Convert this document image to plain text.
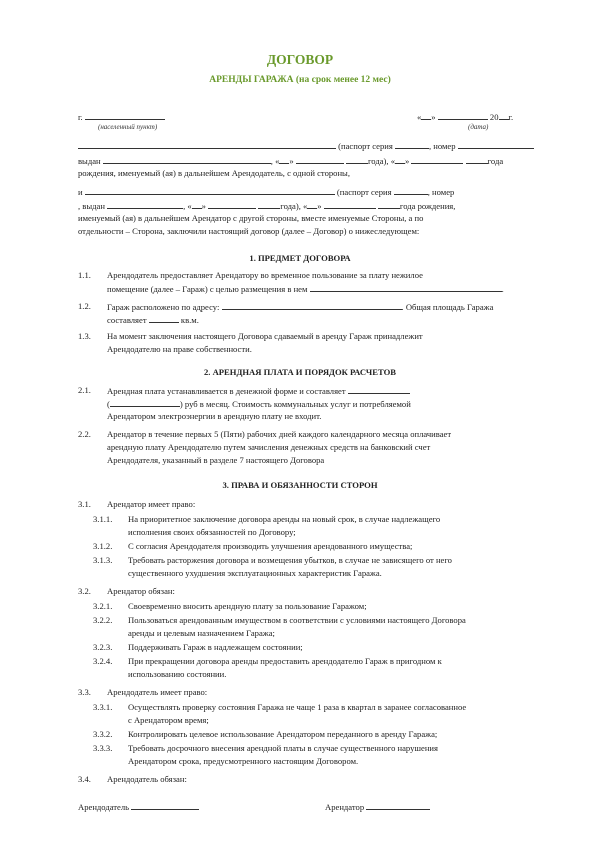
ДОГОВОР
АРЕНДЫ ГАРАЖА (на срок менее 12 мес)
г.
(населенный пункт)
« »	20 г.
(дата)
(паспорт серия	, номер
выдан	, « »	года), « »	года
рождения, именуемый (ая) в дальнейшем Арендодатель, с одной стороны,
и	(паспорт серия	, номер
, выдан	, « »	года), « »	года рождения,
именуемый (ая) в дальнейшем Арендатор с другой стороны, вместе именуемые Стороны, а по
отдельности – Сторона, заключили настоящий договор (далее – Договор) о нижеследующем:
1. ПРЕДМЕТ ДОГОВОРА
1.1. Арендодатель предоставляет Арендатору во временное пользование за плату нежилое
помещение (далее – Гараж) с целью размещения в нем	.
1.2. Гараж расположено по адресу:	. Общая площадь Гаража
составляет	кв.м.
1.3. На момент заключения настоящего Договора сдаваемый в аренду Гараж принадлежит
Арендодателю на праве собственности.
2. АРЕНДНАЯ ПЛАТА И ПОРЯДОК РАСЧЕТОВ
2.1. Арендная плата устанавливается в денежной форме и составляет
(	) руб в месяц. Стоимость коммунальных услуг и потребляемой
Арендатором электроэнергии в арендную плату не входит.
2.2. Арендатор в течение первых 5 (Пяти) рабочих дней каждого календарного месяца оплачивает
арендную плату Арендодателю путем зачисления денежных средств на банковский счет
Арендодателя, указанный в разделе 7 настоящего Договора
3. ПРАВА И ОБЯЗАННОСТИ СТОРОН
3.1. Арендатор имеет право:
3.1.1. На приоритетное заключение договора аренды на новый срок, в случае надлежащего
исполнения своих обязанностей по Договору;
3.1.2. С согласия Арендодателя производить улучшения арендованного имущества;
3.1.3. Требовать расторжения договора и возмещения убытков, в случае не зависящего от него
существенного ухудшения эксплуатационных характеристик Гаража.
3.2. Арендатор обязан:
3.2.1. Своевременно вносить арендную плату за пользование Гаражом;
3.2.2. Пользоваться арендованным имуществом в соответствии с условиями настоящего Договора
аренды и целевым назначением Гаража;
3.2.3. Поддерживать Гараж в надлежащем состоянии;
3.2.4. При прекращении договора аренды предоставить арендодателю Гараж в пригодном к
использованию состоянии.
3.3. Арендодатель имеет право:
3.3.1. Осуществлять проверку состояния Гаража не чаще 1 раза в квартал в заранее согласованное
с Арендатором время;
3.3.2. Контролировать целевое использование Арендатором переданного в аренду Гаража;
3.3.3. Требовать досрочного внесения арендной платы в случае существенного нарушения
Арендатором срока, предусмотренного настоящим Договором.
3.4. Арендодатель обязан:
Арендодатель	Арендатор
